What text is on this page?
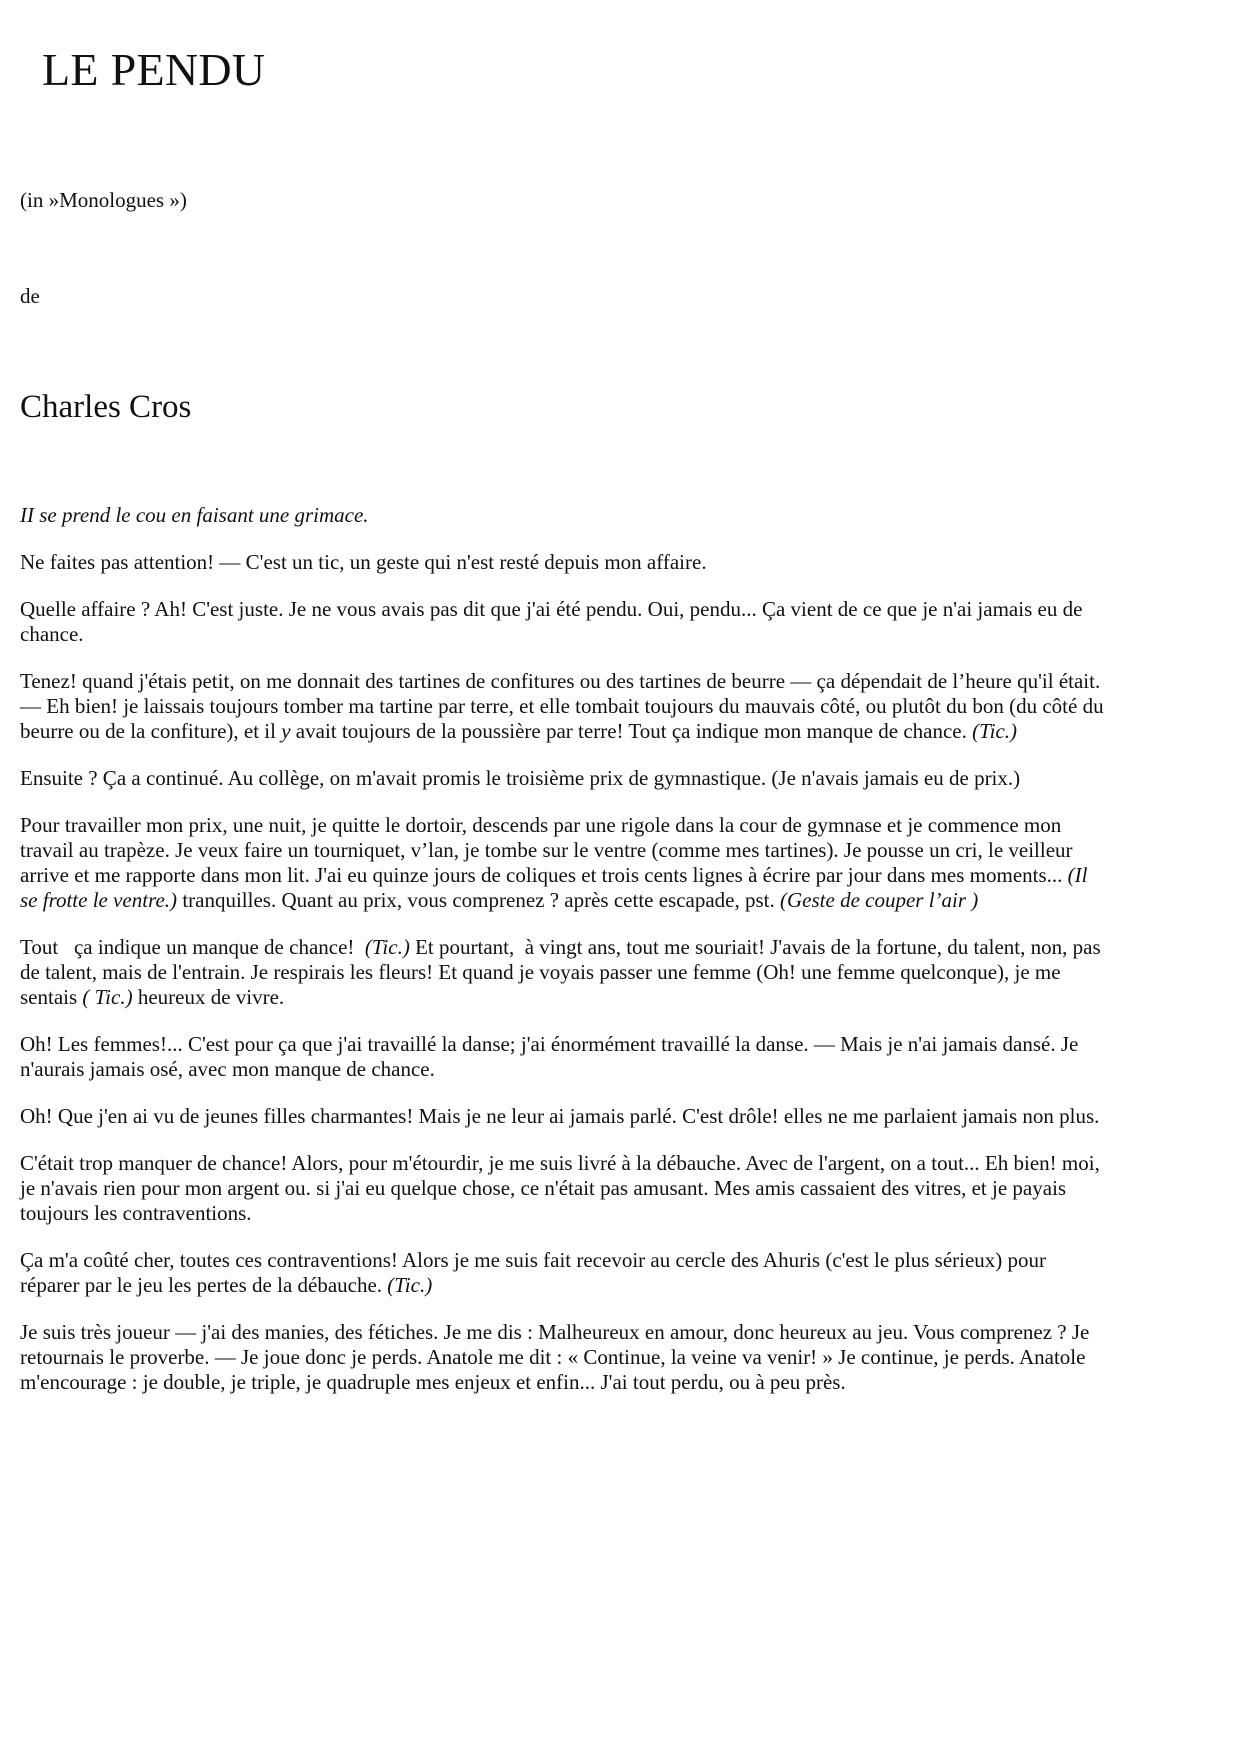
LE PENDU

(in »Monologues »)

de

Charles Cros

II se prend le cou en faisant une grimace.

Ne faites pas attention! — C'est un tic, un geste qui n'est resté depuis mon affaire.

Quelle affaire ? Ah! C'est juste. Je ne vous avais pas dit que j'ai été pendu. Oui, pendu... Ça vient de ce que je n'ai jamais eu de chance.

Tenez! quand j'étais petit, on me donnait des tartines de confitures ou des tartines de beurre — ça dépendait de l’heure qu'il était. — Eh bien! je laissais toujours tomber ma tartine par terre, et elle tombait toujours du mauvais côté, ou plutôt du bon (du côté du beurre ou de la confiture), et il y avait toujours de la poussière par terre! Tout ça indique mon manque de chance. (Tic.)

Ensuite ? Ça a continué. Au collège, on m'avait promis le troisième prix de gymnastique. (Je n'avais jamais eu de prix.)

Pour travailler mon prix, une nuit, je quitte le dortoir, descends par une rigole dans la cour de gymnase et je commence mon travail au trapèze. Je veux faire un tourniquet, v’lan, je tombe sur le ventre (comme mes tartines). Je pousse un cri, le veilleur arrive et me rapporte dans mon lit. J'ai eu quinze jours de coliques et trois cents lignes à écrire par jour dans mes moments... (Il se frotte le ventre.) tranquilles. Quant au prix, vous comprenez ? après cette escapade, pst. (Geste de couper l’air )

Tout   ça indique un manque de chance!  (Tic.) Et pourtant,  à vingt ans, tout me souriait! J'avais de la fortune, du talent, non, pas de talent, mais de l'entrain. Je respirais les fleurs! Et quand je voyais passer une femme (Oh! une femme quelconque), je me sentais ( Tic.) heureux de vivre.

Oh! Les femmes!... C'est pour ça que j'ai travaillé la danse; j'ai énormément travaillé la danse. — Mais je n'ai jamais dansé. Je n'aurais jamais osé, avec mon manque de chance.

Oh! Que j'en ai vu de jeunes filles charmantes! Mais je ne leur ai jamais parlé. C'est drôle! elles ne me parlaient jamais non plus.

C'était trop manquer de chance! Alors, pour m'étourdir, je me suis livré à la débauche. Avec de l'argent, on a tout... Eh bien! moi, je n'avais rien pour mon argent ou. si j'ai eu quelque chose, ce n'était pas amusant. Mes amis cassaient des vitres, et je payais toujours les contraventions.

Ça m'a coûté cher, toutes ces contraventions! Alors je me suis fait recevoir au cercle des Ahuris (c'est le plus sérieux) pour réparer par le jeu les pertes de la débauche. (Tic.)

Je suis très joueur — j'ai des manies, des fétiches. Je me dis : Malheureux en amour, donc heureux au jeu. Vous comprenez ? Je retournais le proverbe. — Je joue donc je perds. Anatole me dit : « Continue, la veine va venir! » Je continue, je perds. Anatole m'encourage : je double, je triple, je quadruple mes enjeux et enfin... J'ai tout perdu, ou à peu près.
